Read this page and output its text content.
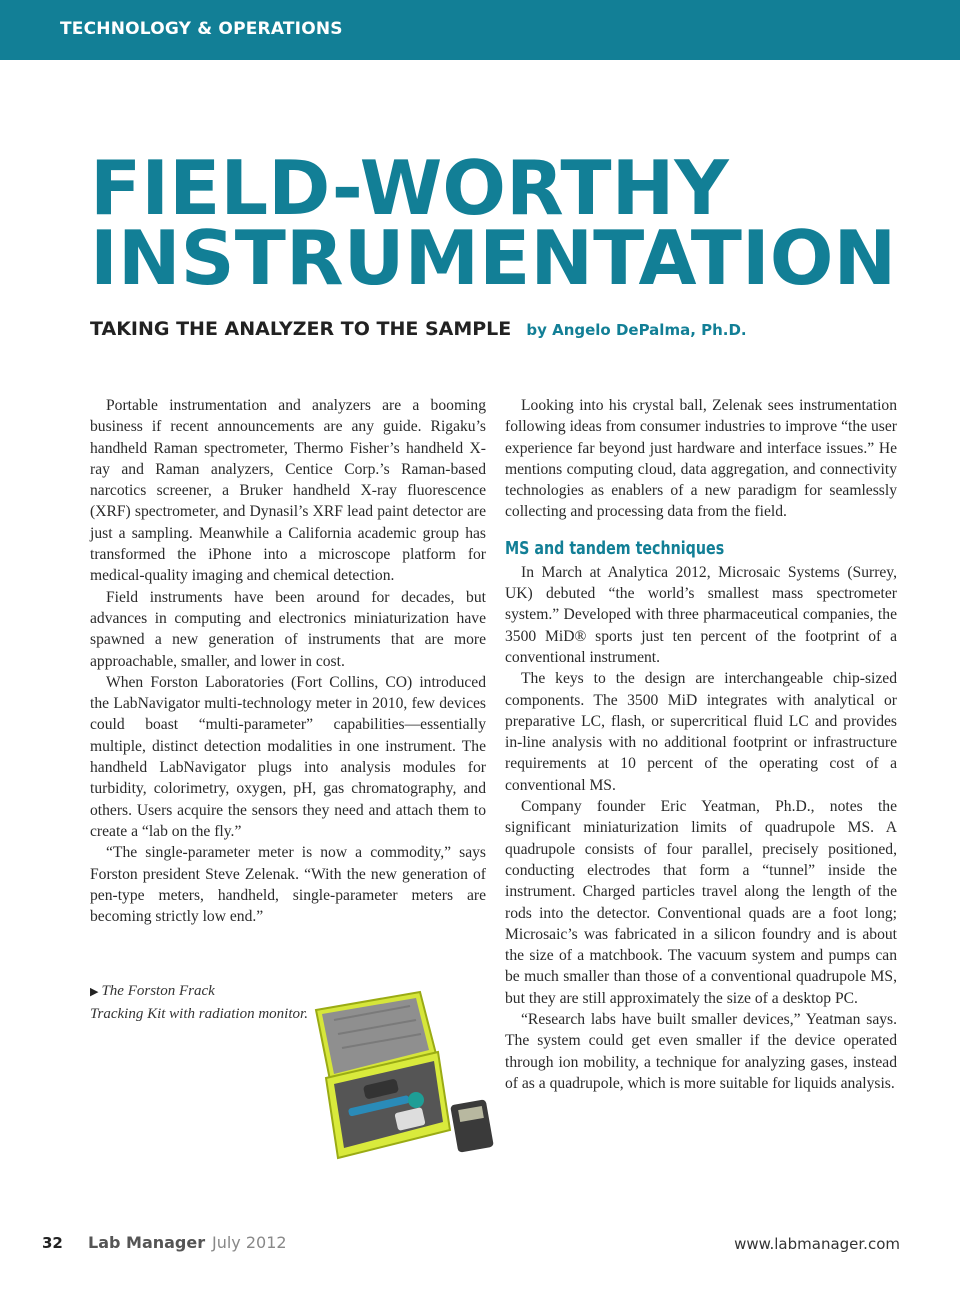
TECHNOLOGY & OPERATIONS
FIELD-WORTHY
INSTRUMENTATION
TAKING THE ANALYZER TO THE SAMPLE by Angelo DePalma, Ph.D.

Portable instrumentation and analyzers are a booming business if recent announcements are any guide. Rigaku’s handheld Raman spectrometer, Thermo Fisher’s handheld X-ray and Raman analyzers, Centice Corp.’s Raman-based narcotics screener, a Bruker handheld X-ray fluorescence (XRF) spectrometer, and Dynasil’s XRF lead paint detector are just a sampling. Meanwhile a California academic group has transformed the iPhone into a microscope platform for medical-quality imaging and chemical detection.

Field instruments have been around for decades, but advances in computing and electronics miniaturization have spawned a new generation of instruments that are more approachable, smaller, and lower in cost.

When Forston Laboratories (Fort Collins, CO) introduced the LabNavigator multi-technology meter in 2010, few devices could boast “multi-parameter” capabilities—essentially multiple, distinct detection modalities in one instrument. The handheld LabNavigator plugs into analysis modules for turbidity, colorimetry, oxygen, pH, gas chromatography, and others. Users acquire the sensors they need and attach them to create a “lab on the fly.”

“The single-parameter meter is now a commodity,” says Forston president Steve Zelenak. “With the new generation of pen-type meters, handheld, single-parameter meters are becoming strictly low end.”

Looking into his crystal ball, Zelenak sees instrumentation following ideas from consumer industries to improve “the user experience far beyond just hardware and interface issues.” He mentions computing cloud, data aggregation, and connectivity technologies as enablers of a new paradigm for seamlessly collecting and processing data from the field.

MS and tandem techniques

In March at Analytica 2012, Microsaic Systems (Surrey, UK) debuted “the world’s smallest mass spectrometer system.” Developed with three pharmaceutical companies, the 3500 MiD® sports just ten percent of the footprint of a conventional instrument.

The keys to the design are interchangeable chip-sized components. The 3500 MiD integrates with analytical or preparative LC, flash, or supercritical fluid LC and provides in-line analysis with no additional footprint or infrastructure requirements at 10 percent of the operating cost of a conventional MS.

Company founder Eric Yeatman, Ph.D., notes the significant miniaturization limits of quadrupole MS. A quadrupole consists of four parallel, precisely positioned, conducting electrodes that form a “tunnel” inside the instrument. Charged particles travel along the length of the rods into the detector. Conventional quads are a foot long; Microsaic’s was fabricated in a silicon foundry and is about the size of a matchbook. The vacuum system and pumps can be much smaller than those of a conventional quadrupole MS, but they are still approximately the size of a desktop PC.

“Research labs have built smaller devices,” Yeatman says. The system could get even smaller if the device operated through ion mobility, a technique for analyzing gases, instead of as a quadrupole, which is more suitable for liquids analysis.

▶ The Forston Frack
Tracking Kit with radiation monitor.
32 Lab Manager July 2012	www.labmanager.com
